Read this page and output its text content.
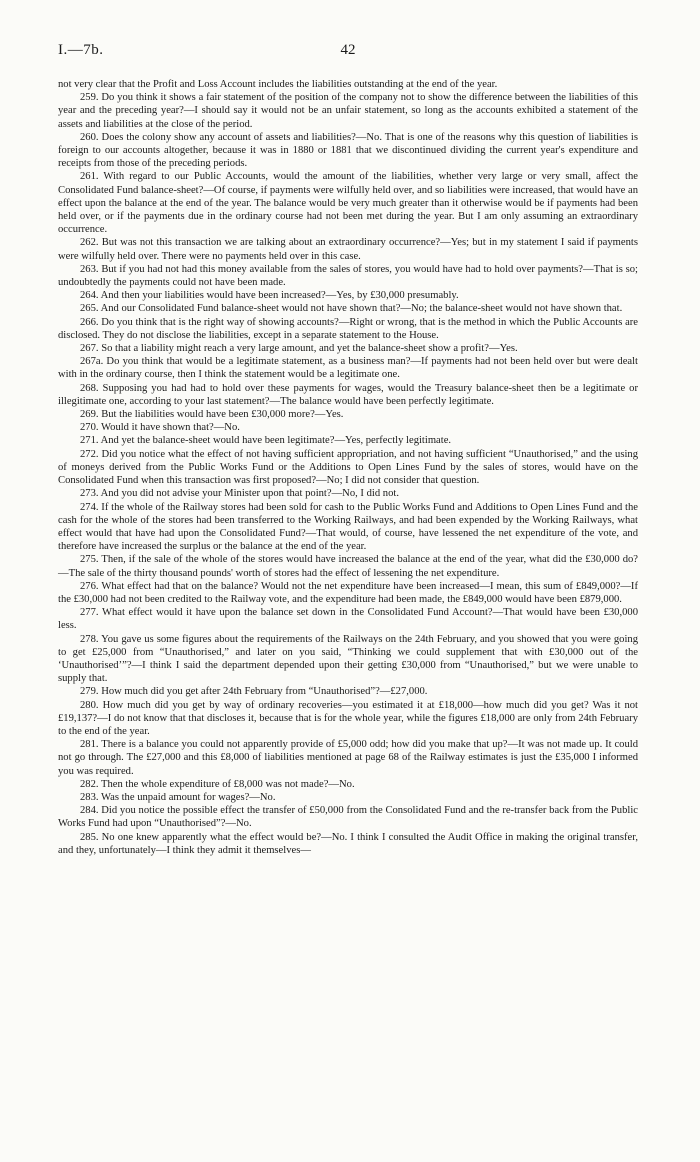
I.—7b.	42

not very clear that the Profit and Loss Account includes the liabilities outstanding at the end of the year.

259. Do you think it shows a fair statement of the position of the company not to show the difference between the liabilities of this year and the preceding year?—I should say it would not be an unfair statement, so long as the accounts exhibited a statement of the assets and liabilities at the close of the period.

260. Does the colony show any account of assets and liabilities?—No. That is one of the reasons why this question of liabilities is foreign to our accounts altogether, because it was in 1880 or 1881 that we discontinued dividing the current year's expenditure and receipts from those of the preceding periods.

261. With regard to our Public Accounts, would the amount of the liabilities, whether very large or very small, affect the Consolidated Fund balance-sheet?—Of course, if payments were wilfully held over, and so liabilities were increased, that would have an effect upon the balance at the end of the year. The balance would be very much greater than it otherwise would be if payments had been held over, or if the payments due in the ordinary course had not been met during the year. But I am only assuming an extraordinary occurrence.

262. But was not this transaction we are talking about an extraordinary occurrence?—Yes; but in my statement I said if payments were wilfully held over. There were no payments held over in this case.

263. But if you had not had this money available from the sales of stores, you would have had to hold over payments?—That is so; undoubtedly the payments could not have been made.

264. And then your liabilities would have been increased?—Yes, by £30,000 presumably.

265. And our Consolidated Fund balance-sheet would not have shown that?—No; the balance-sheet would not have shown that.

266. Do you think that is the right way of showing accounts?—Right or wrong, that is the method in which the Public Accounts are disclosed. They do not disclose the liabilities, except in a separate statement to the House.

267. So that a liability might reach a very large amount, and yet the balance-sheet show a profit?—Yes.

267a. Do you think that would be a legitimate statement, as a business man?—If payments had not been held over but were dealt with in the ordinary course, then I think the statement would be a legitimate one.

268. Supposing you had had to hold over these payments for wages, would the Treasury balance-sheet then be a legitimate or illegitimate one, according to your last statement?—The balance would have been perfectly legitimate.

269. But the liabilities would have been £30,000 more?—Yes.

270. Would it have shown that?—No.

271. And yet the balance-sheet would have been legitimate?—Yes, perfectly legitimate.

272. Did you notice what the effect of not having sufficient appropriation, and not having sufficient “Unauthorised,” and the using of moneys derived from the Public Works Fund or the Additions to Open Lines Fund by the sales of stores, would have on the Consolidated Fund when this transaction was first proposed?—No; I did not consider that question.

273. And you did not advise your Minister upon that point?—No, I did not.

274. If the whole of the Railway stores had been sold for cash to the Public Works Fund and Additions to Open Lines Fund and the cash for the whole of the stores had been transferred to the Working Railways, and had been expended by the Working Railways, what effect would that have had upon the Consolidated Fund?—That would, of course, have lessened the net expenditure of the vote, and therefore have increased the surplus or the balance at the end of the year.

275. Then, if the sale of the whole of the stores would have increased the balance at the end of the year, what did the £30,000 do?—The sale of the thirty thousand pounds' worth of stores had the effect of lessening the net expenditure.

276. What effect had that on the balance? Would not the net expenditure have been increased—I mean, this sum of £849,000?—If the £30,000 had not been credited to the Railway vote, and the expenditure had been made, the £849,000 would have been £879,000.

277. What effect would it have upon the balance set down in the Consolidated Fund Account?—That would have been £30,000 less.

278. You gave us some figures about the requirements of the Railways on the 24th February, and you showed that you were going to get £25,000 from “Unauthorised,” and later on you said, “Thinking we could supplement that with £30,000 out of the ‘Unauthorised’”?—I think I said the department depended upon their getting £30,000 from “Unauthorised,” but we were unable to supply that.

279. How much did you get after 24th February from “Unauthorised”?—£27,000.

280. How much did you get by way of ordinary recoveries—you estimated it at £18,000—how much did you get? Was it not £19,137?—I do not know that that discloses it, because that is for the whole year, while the figures £18,000 are only from 24th February to the end of the year.

281. There is a balance you could not apparently provide of £5,000 odd; how did you make that up?—It was not made up. It could not go through. The £27,000 and this £8,000 of liabilities mentioned at page 68 of the Railway estimates is just the £35,000 I informed you was required.

282. Then the whole expenditure of £8,000 was not made?—No.

283. Was the unpaid amount for wages?—No.

284. Did you notice the possible effect the transfer of £50,000 from the Consolidated Fund and the re-transfer back from the Public Works Fund had upon “Unauthorised”?—No.

285. No one knew apparently what the effect would be?—No. I think I consulted the Audit Office in making the original transfer, and they, unfortunately—I think they admit it themselves—
